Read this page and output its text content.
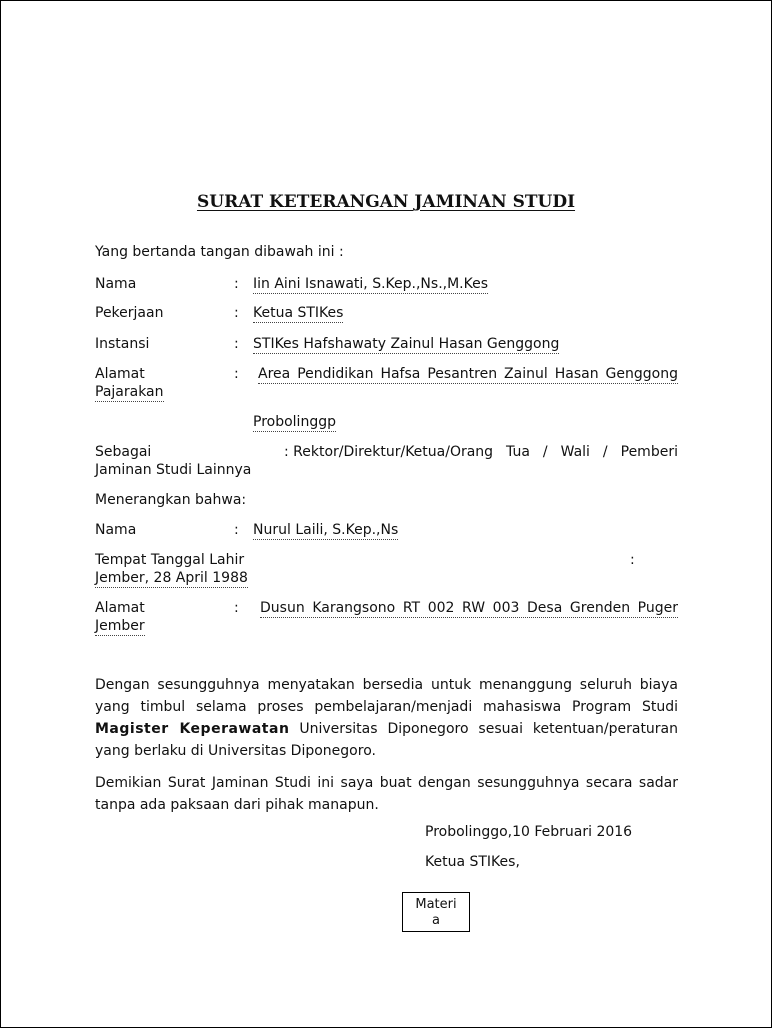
SURAT KETERANGAN JAMINAN STUDI
Yang bertanda tangan dibawah ini :
Nama	: Iin Aini Isnawati, S.Kep.,Ns.,M.Kes
Pekerjaan	: Ketua STIKes
Instansi	: STIKes Hafshawaty Zainul Hasan Genggong
Alamat	: Area Pendidikan Hafsa Pesantren Zainul Hasan Genggong
Pajarakan
Probolinggp
Sebagai	: Rektor/Direktur/Ketua/Orang Tua / Wali / Pemberi
Jaminan Studi Lainnya
Menerangkan bahwa:
Nama	: Nurul Laili, S.Kep.,Ns
Tempat Tanggal Lahir	:
Jember, 28 April 1988
Alamat	: Dusun Karangsono RT 002 RW 003 Desa Grenden Puger
Jember
Dengan sesungguhnya menyatakan bersedia untuk menanggung seluruh biaya yang timbul selama proses pembelajaran/menjadi mahasiswa Program Studi Magister Keperawatan Universitas Diponegoro sesuai ketentuan/peraturan yang berlaku di Universitas Diponegoro.
Demikian Surat Jaminan Studi ini saya buat dengan sesungguhnya secara sadar tanpa ada paksaan dari pihak manapun.
Probolinggo,10 Februari 2016
Ketua STIKes,
Materi
a
